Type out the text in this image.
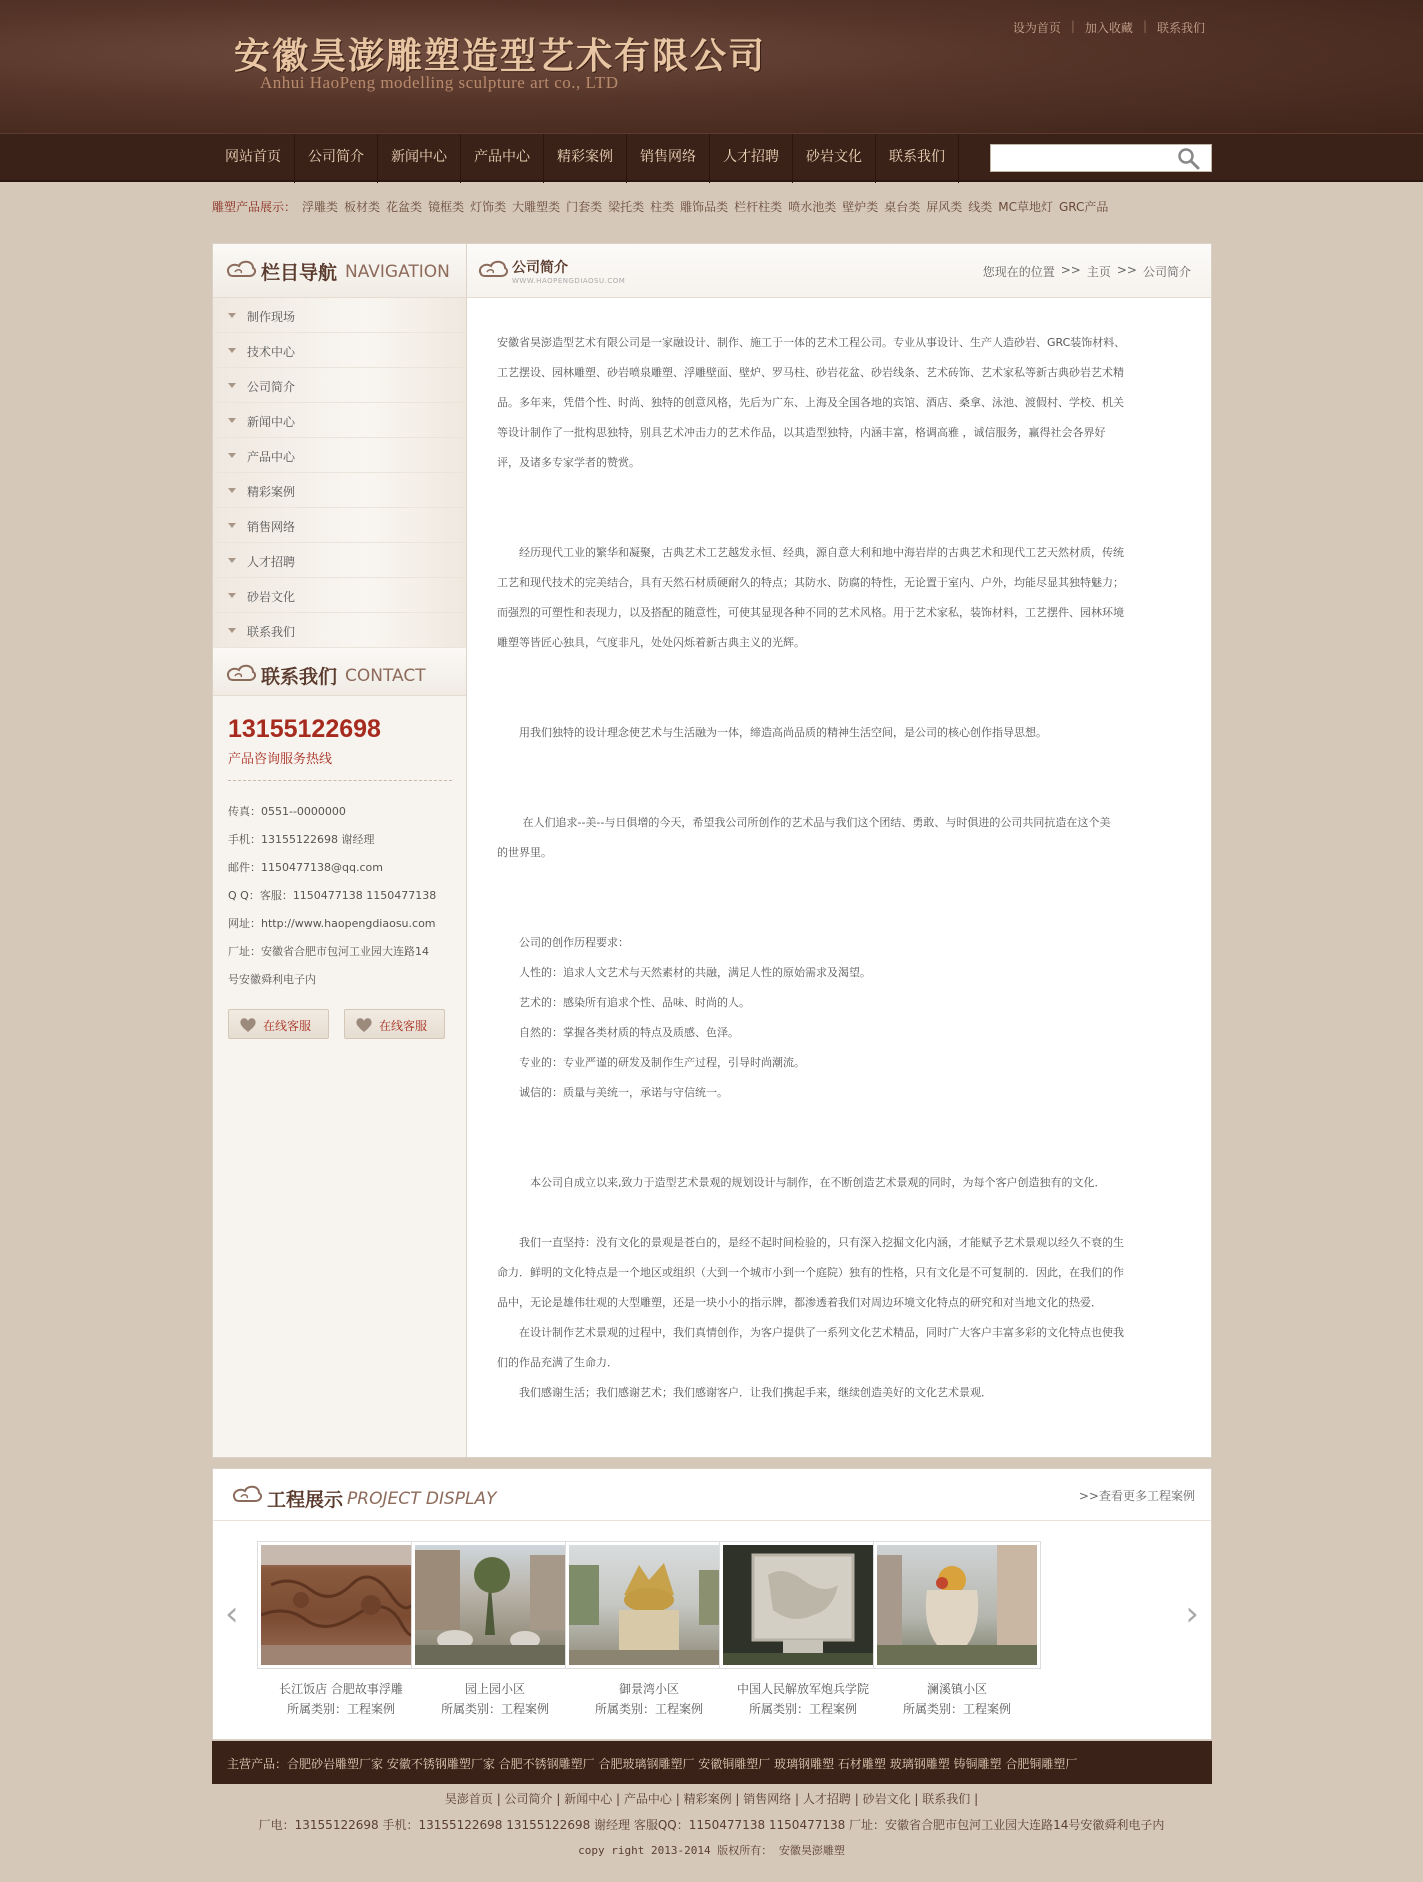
安徽昊澎雕塑造型艺术有限公司
Anhui HaoPeng modelling sculpture art co., LTD
设为首页 | 加入收藏 | 联系我们
网站首页	公司简介	新闻中心	产品中心	精彩案例	销售网络	人才招聘	砂岩文化	联系我们
雕塑产品展示： 浮雕类 板材类 花盆类 镜框类 灯饰类 大雕塑类 门套类 梁托类 柱类 雕饰品类 栏杆柱类 喷水池类 壁炉类 桌台类 屏风类 线类 MC草地灯 GRC产品
栏目导航 NAVIGATION
制作现场
技术中心
公司简介
新闻中心
产品中心
精彩案例
销售网络
人才招聘
砂岩文化
联系我们
联系我们 CONTACT
13155122698
产品咨询服务热线
传真：0551--0000000
手机：13155122698 谢经理
邮件：1150477138@qq.com
Q Q：客服：1150477138 1150477138
网址：http://www.haopengdiaosu.com
厂址：安徽省合肥市包河工业园大连路14
号安徽舜利电子内
在线客服	在线客服
公司简介
WWW.HAOPENGDIAOSU.COM
您现在的位置 >> 主页 >> 公司简介
安徽省昊澎造型艺术有限公司是一家融设计、制作、施工于一体的艺术工程公司。专业从事设计、生产人造砂岩、GRC装饰材料、
工艺摆设、园林雕塑、砂岩喷泉雕塑、浮雕壁面、壁炉、罗马柱、砂岩花盆、砂岩线条、艺术砖饰、艺术家私等新古典砂岩艺术精
品。多年来，凭借个性、时尚、独特的创意风格，先后为广东、上海及全国各地的宾馆、酒店、桑拿、泳池、渡假村、学校、机关
等设计制作了一批构思独特，别具艺术冲击力的艺术作品，以其造型独特，内涵丰富，格调高雅 ，诚信服务，赢得社会各界好
评，及诸多专家学者的赞赏。
　　经历现代工业的繁华和凝聚，古典艺术工艺越发永恒、经典，源自意大利和地中海岩岸的古典艺术和现代工艺天然材质，传统
工艺和现代技术的完美结合，具有天然石材质硬耐久的特点；其防水、防腐的特性，无论置于室内、户外，均能尽显其独特魅力；
而强烈的可塑性和表现力，以及搭配的随意性，可使其显现各种不同的艺术风格。用于艺术家私，装饰材料，工艺摆件、园林环境
雕塑等皆匠心独具，气度非凡，处处闪烁着新古典主义的光辉。
　　用我们独特的设计理念使艺术与生活融为一体，缔造高尚品质的精神生活空间，是公司的核心创作指导思想。
　　 在人们追求--美--与日俱增的今天，希望我公司所创作的艺术品与我们这个团结、勇敢、与时俱进的公司共同抗造在这个美
的世界里。
　　公司的创作历程要求：
　　人性的：追求人文艺术与天然素材的共融，满足人性的原始需求及渴望。
　　艺术的：感染所有追求个性、品味、时尚的人。
　　自然的：掌握各类材质的特点及质感、色泽。
　　专业的：专业严谨的研发及制作生产过程，引导时尚潮流。
　　诚信的：质量与美统一，承诺与守信统一。
　　　本公司自成立以来,致力于造型艺术景观的规划设计与制作，在不断创造艺术景观的同时，为每个客户创造独有的文化．
　　我们一直坚持：没有文化的景观是苍白的，是经不起时间检验的，只有深入挖掘文化内涵，才能赋予艺术景观以经久不衰的生
命力．鲜明的文化特点是一个地区或组织（大到一个城市小到一个庭院）独有的性格，只有文化是不可复制的．因此，在我们的作
品中，无论是雄伟壮观的大型雕塑，还是一块小小的指示牌，都渗透着我们对周边环境文化特点的研究和对当地文化的热爱．
　　在设计制作艺术景观的过程中，我们真情创作，为客户提供了一系列文化艺术精品，同时广大客户丰富多彩的文化特点也使我
们的作品充满了生命力．
　　我们感谢生活；我们感谢艺术；我们感谢客户．让我们携起手来，继续创造美好的文化艺术景观．
工程展示 PROJECT DISPLAY	>>查看更多工程案例
‹	›
长江饭店 合肥故事浮雕
所属类别：工程案例
园上园小区
所属类别：工程案例
御景湾小区
所属类别：工程案例
中国人民解放军炮兵学院
所属类别：工程案例
澜溪镇小区
所属类别：工程案例
主营产品：合肥砂岩雕塑厂家 安徽不锈钢雕塑厂家 合肥不锈钢雕塑厂 合肥玻璃钢雕塑厂 安徽铜雕塑厂 玻璃钢雕塑 石材雕塑 玻璃钢雕塑 铸铜雕塑 合肥铜雕塑厂
昊澎首页 | 公司简介 | 新闻中心 | 产品中心 | 精彩案例 | 销售网络 | 人才招聘 | 砂岩文化 | 联系我们 |
厂电：13155122698 手机：13155122698 13155122698 谢经理 客服QQ：1150477138 1150477138 厂址：安徽省合肥市包河工业园大连路14号安徽舜利电子内
copy right 2013-2014 版权所有： 安徽昊澎雕塑
